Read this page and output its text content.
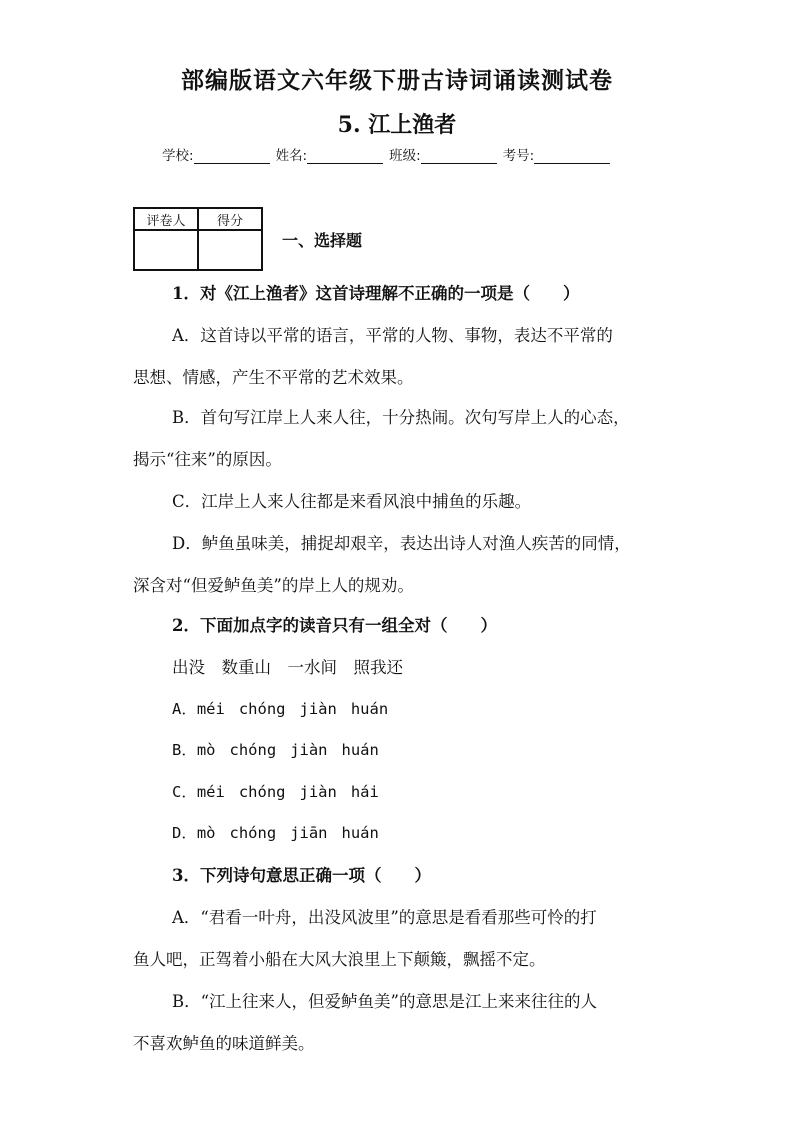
部编版语文六年级下册古诗词诵读测试卷
5. 江上渔者
学校:	姓名:	班级:	考号:
评卷人	得分

一、选择题
1．对《江上渔者》这首诗理解不正确的一项是（　　）
A．这首诗以平常的语言，平常的人物、事物，表达不平常的
思想、情感，产生不平常的艺术效果。
B．首句写江岸上人来人往，十分热闹。次句写岸上人的心态，
揭示“往来”的原因。
C．江岸上人来人往都是来看风浪中捕鱼的乐趣。
D．鲈鱼虽味美，捕捉却艰辛，表达出诗人对渔人疾苦的同情，
深含对“但爱鲈鱼美”的岸上人的规劝。
2．下面加点字的读音只有一组全对（　　）
出没　数重山　一水间　照我还
A．méi chóng jiàn huán
B．mò chóng jiàn huán
C．méi chóng jiàn hái
D．mò chóng jiān huán
3．下列诗句意思正确一项（　　）
A．“君看一叶舟，出没风波里”的意思是看看那些可怜的打
鱼人吧，正驾着小船在大风大浪里上下颠簸，飘摇不定。
B．“江上往来人，但爱鲈鱼美”的意思是江上来来往往的人
不喜欢鲈鱼的味道鲜美。
